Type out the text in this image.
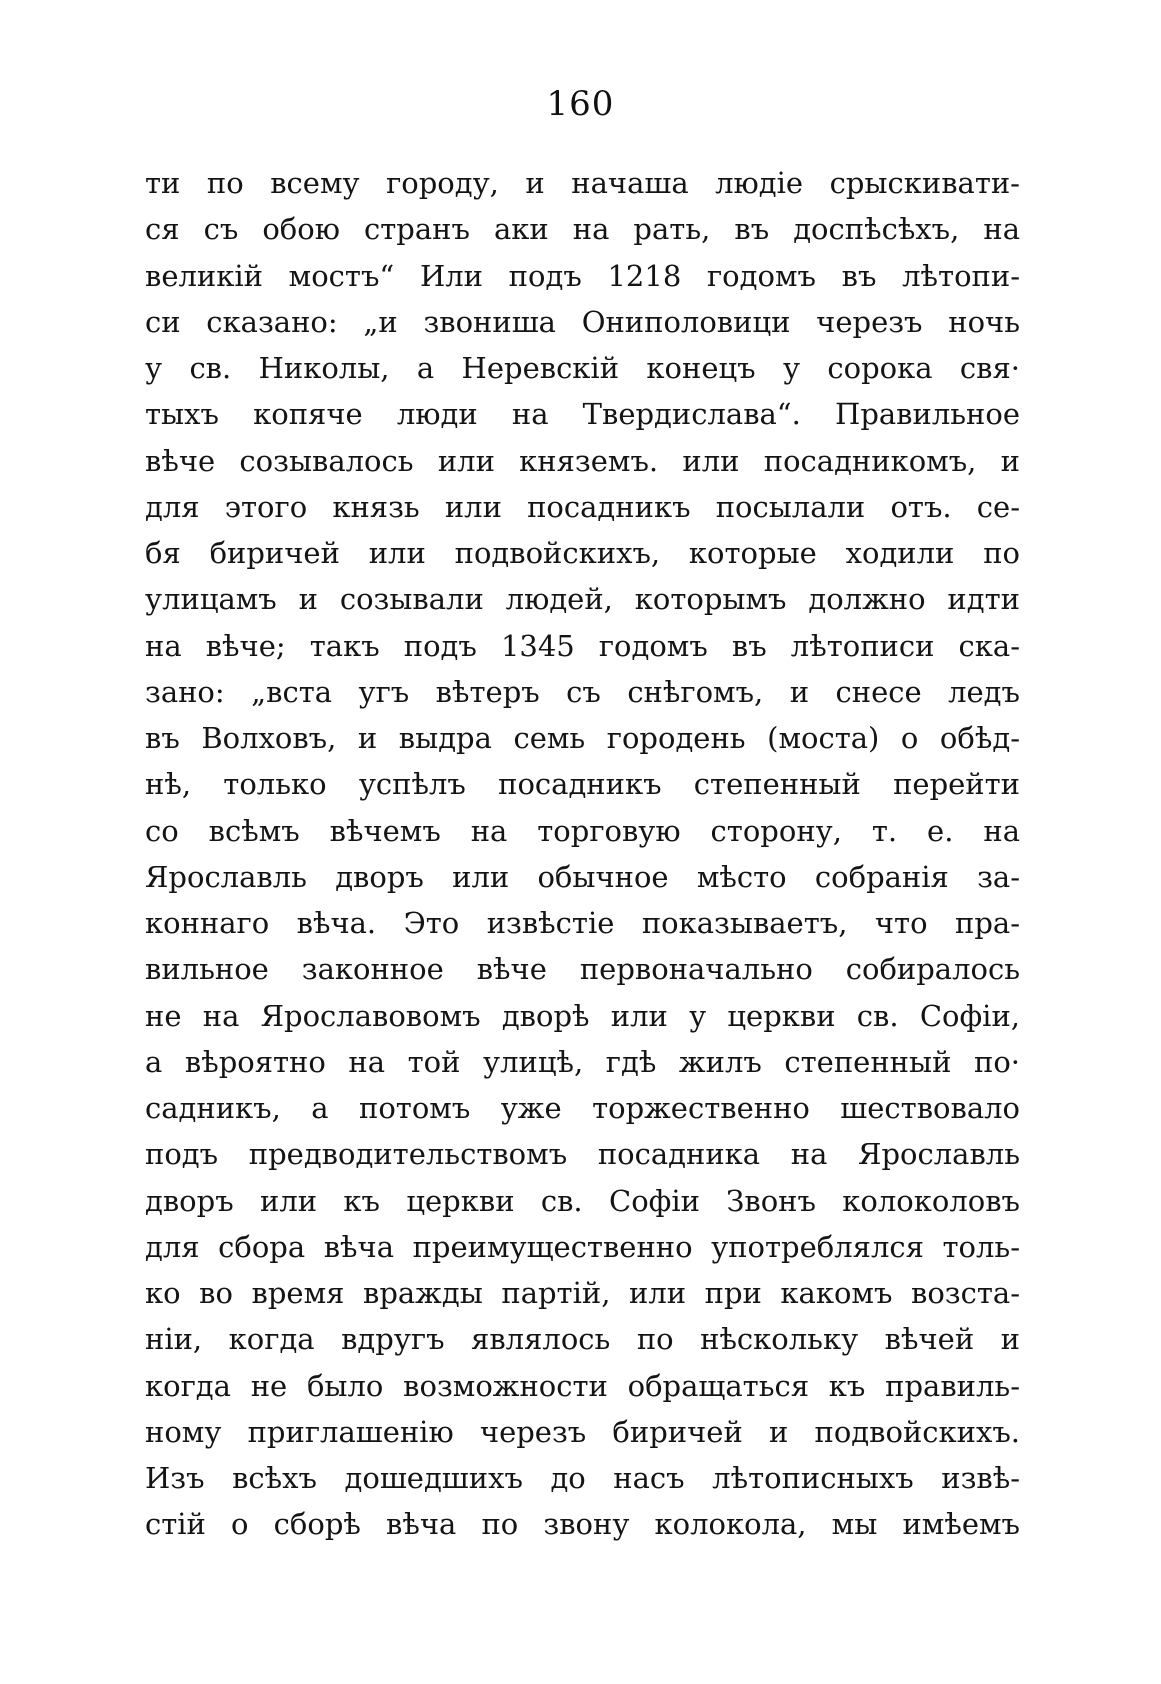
160
ти по всему городу, и начаша людіе срыскивати-
ся съ обою странъ аки на рать, въ доспѣсѣхъ, на
великій мостъ“ Или подъ 1218 годомъ въ лѣтопи-
си сказано: „и звониша Ониполовици черезъ ночь
у св. Николы, а Неревскій конецъ у сорока свя·
тыхъ копяче люди на Твердислава“. Правильное
вѣче созывалось или княземъ. или посадникомъ, и
для этого князь или посадникъ посылали отъ. се-
бя биричей или подвойскихъ, которые ходили по
улицамъ и созывали людей, которымъ должно идти
на вѣче; такъ подъ 1345 годомъ въ лѣтописи ска-
зано: „вста угъ вѣтеръ съ снѣгомъ, и снесе ледъ
въ Волховъ, и выдра семь городень (моста) о обѣд-
нѣ, только успѣлъ посадникъ степенный перейти
со всѣмъ вѣчемъ на торговую сторону, т. е. на
Ярославль дворъ или обычное мѣсто собранія за-
коннаго вѣча. Это извѣстіе показываетъ, что пра-
вильное законное вѣче первоначально собиралось
не на Ярославовомъ дворѣ или у церкви св. Софіи,
а вѣроятно на той улицѣ, гдѣ жилъ степенный по·
садникъ, а потомъ уже торжественно шествовало
подъ предводительствомъ посадника на Ярославль
дворъ или къ церкви св. Софіи Звонъ колоколовъ
для сбора вѣча преимущественно употреблялся толь-
ко во время вражды партій, или при какомъ возста-
ніи, когда вдругъ являлось по нѣскольку вѣчей и
когда не было возможности обращаться къ правиль-
ному приглашенію черезъ биричей и подвойскихъ.
Изъ всѣхъ дошедшихъ до насъ лѣтописныхъ извѣ-
стій о сборѣ вѣча по звону колокола, мы имѣемъ
